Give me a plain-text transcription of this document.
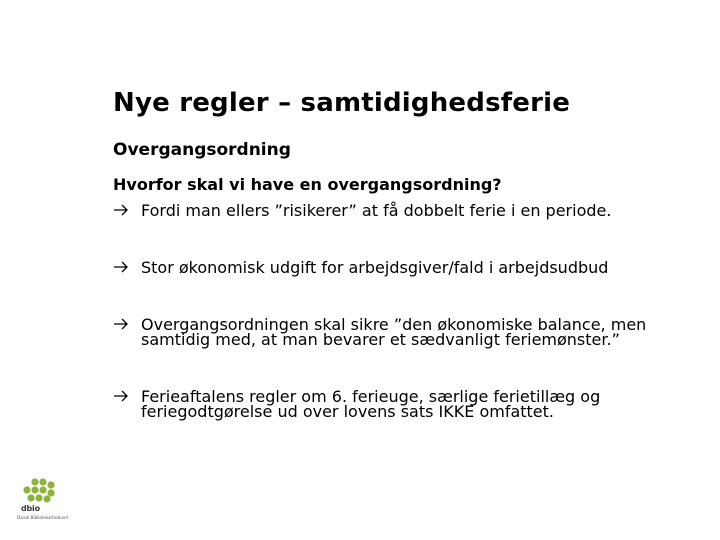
Nye regler – samtidighedsferie
Overgangsordning
Hvorfor skal vi have en overgangsordning?
Fordi man ellers ”risikerer” at få dobbelt ferie i en periode.
Stor økonomisk udgift for arbejdsgiver/fald i arbejdsudbud
Overgangsordningen skal sikre ”den økonomiske balance, men samtidig med, at man bevarer et sædvanligt feriemønster.”
Ferieaftalens regler om 6. ferieuge, særlige ferietillæg og feriegodtgørelse ud over lovens sats IKKE omfattet.
dbio
Dansk Bibliotekarforbund
